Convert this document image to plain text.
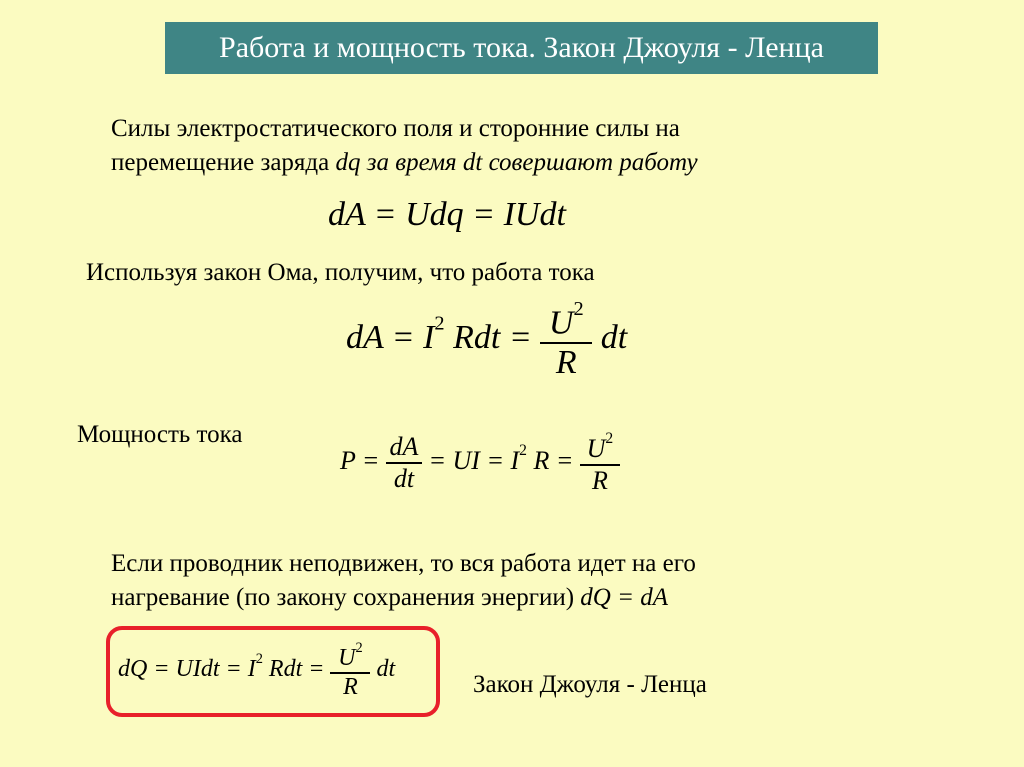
Работа и мощность тока. Закон Джоуля - Ленца
Силы электростатического поля и сторонние силы на
перемещение заряда dq за время dt совершают работу
dA = Udq = IUdt
Используя закон Ома, получим, что работа тока
dA = $I^2$ Rdt = $\frac{U^2}{R}$ dt
Мощность тока
$P = \frac{dA}{dt}$ = UI = $I^2$ $R = \frac{U^2}{R}$
Если проводник неподвижен, то вся работа идет на его
нагревание (по закону сохранения энергии) dQ = dA
dQ = UIdt = $I^2$ Rdt = $\frac{U^2}{R}$ dt
Закон Джоуля - Ленца
